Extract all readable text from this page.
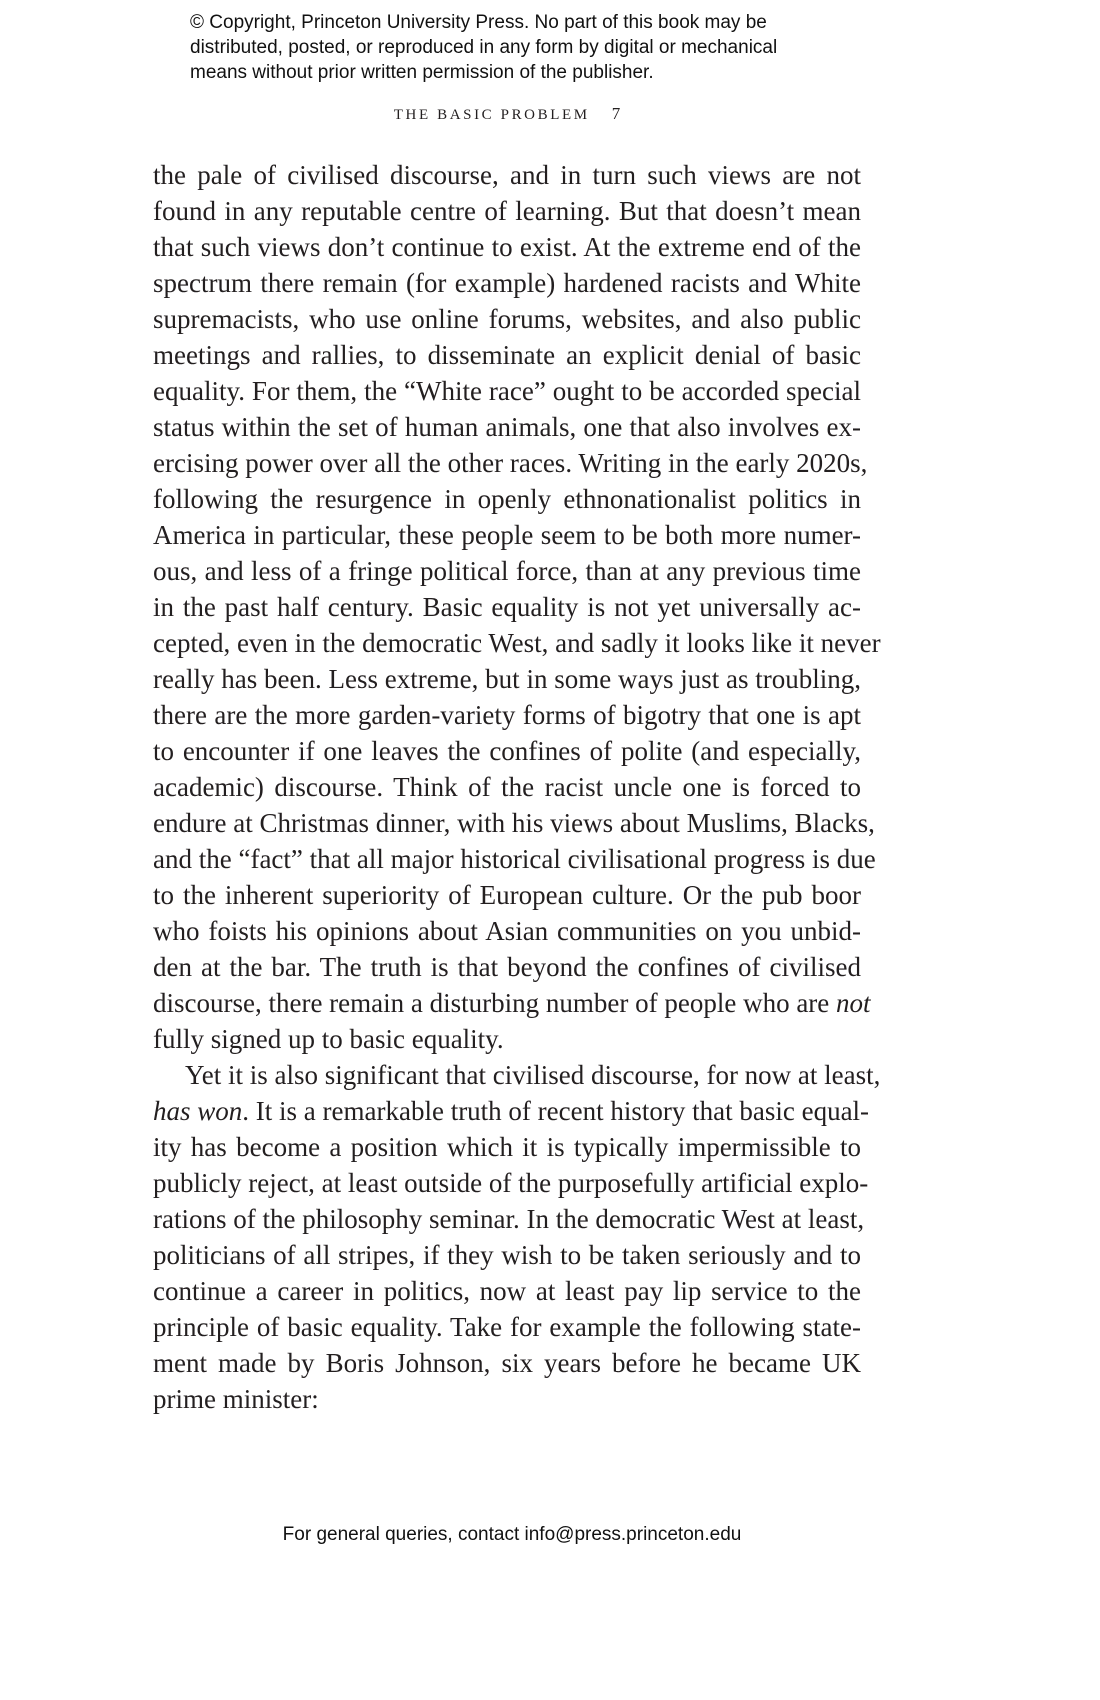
© Copyright, Princeton University Press. No part of this book may be
distributed, posted, or reproduced in any form by digital or mechanical
means without prior written permission of the publisher.
THE BASIC PROBLEM 7
the pale of civilised discourse, and in turn such views are not
found in any reputable centre of learning. But that doesn’t mean
that such views don’t continue to exist. At the extreme end of the
spectrum there remain (for example) hardened racists and White
supremacists, who use online forums, websites, and also public
meetings and rallies, to disseminate an explicit denial of basic
equality. For them, the “White race” ought to be accorded special
status within the set of human animals, one that also involves ex-
ercising power over all the other races. Writing in the early 2020s,
following the resurgence in openly ethnonationalist politics in
America in particular, these people seem to be both more numer-
ous, and less of a fringe political force, than at any previous time
in the past half century. Basic equality is not yet universally ac-
cepted, even in the democratic West, and sadly it looks like it never
really has been. Less extreme, but in some ways just as troubling,
there are the more garden-variety forms of bigotry that one is apt
to encounter if one leaves the confines of polite (and especially,
academic) discourse. Think of the racist uncle one is forced to
endure at Christmas dinner, with his views about Muslims, Blacks,
and the “fact” that all major historical civilisational progress is due
to the inherent superiority of European culture. Or the pub boor
who foists his opinions about Asian communities on you unbid-
den at the bar. The truth is that beyond the confines of civilised
discourse, there remain a disturbing number of people who are not
fully signed up to basic equality.
Yet it is also significant that civilised discourse, for now at least,
has won. It is a remarkable truth of recent history that basic equal-
ity has become a position which it is typically impermissible to
publicly reject, at least outside of the purposefully artificial explo-
rations of the philosophy seminar. In the democratic West at least,
politicians of all stripes, if they wish to be taken seriously and to
continue a career in politics, now at least pay lip service to the
principle of basic equality. Take for example the following state-
ment made by Boris Johnson, six years before he became UK
prime minister:
For general queries, contact info@press.princeton.edu
